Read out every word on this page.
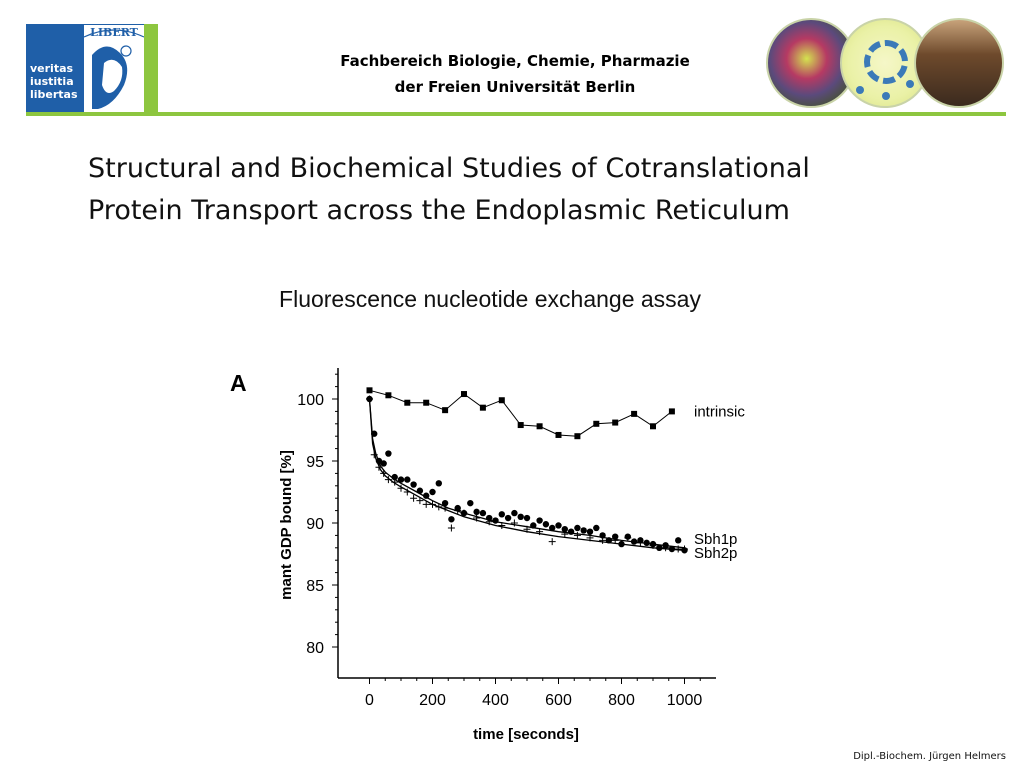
veritas
iustitia
libertas
LIBERT
Fachbereich Biologie, Chemie, Pharmazie
der Freien Universität Berlin
Structural and Biochemical Studies of Cotranslational
Protein Transport across the Endoplasmic Reticulum
Fluorescence nucleotide exchange assay
A
80
85
90
95
100
0	200 400 600 800 1000
intrinsic
Sbh1p
Sbh2p
mant GDP bound [%]
time [seconds]
Dipl.-Biochem. Jürgen Helmers
